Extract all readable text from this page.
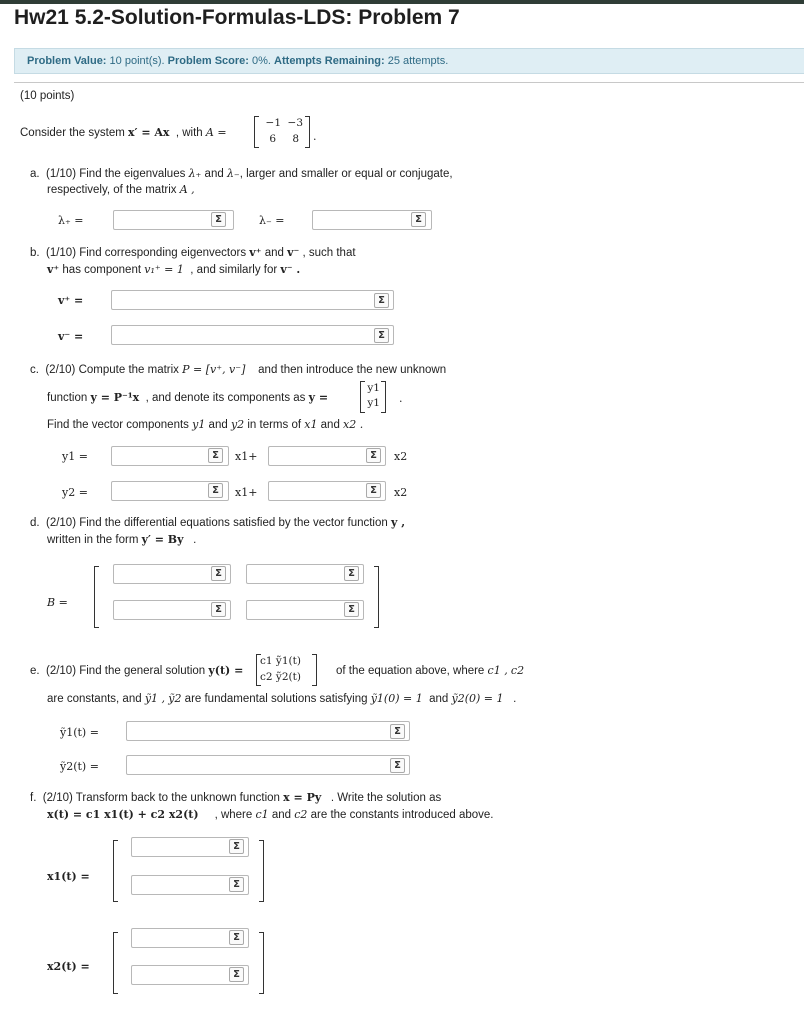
Hw21 5.2-Solution-Formulas-LDS: Problem 7
Problem Value: 10 point(s). Problem Score: 0%. Attempts Remaining: 25 attempts.
(10 points)
Consider the system x′ = Ax , with A =
−1 −3
6	8 .
a. (1/10) Find the eigenvalues λ₊ and λ₋, larger and smaller or equal or conjugate,
respectively, of the matrix A ,
λ₊ =	Σ	λ₋ =	Σ
b. (1/10) Find corresponding eigenvectors v⁺ and v⁻ , such that
v⁺ has component v₁⁺ = 1 , and similarly for v⁻ .
v⁺ =	Σ
v⁻ =	Σ
c. (2/10) Compute the matrix P = [v⁺, v⁻] and then introduce the new unknown
function y = P⁻¹x , and denote its components as y =
y1
y1 .
Find the vector components y1 and y2 in terms of x1 and x2 .
y1 =	Σ	x1+	Σ	x2
y2 =	Σ	x1+	Σ	x2
d. (2/10) Find the differential equations satisfied by the vector function y ,
written in the form y′ = By .
B =
Σ	Σ
Σ	Σ
e. (2/10) Find the general solution y(t) =
c1 ỹ1(t)
c2 ỹ2(t)	of the equation above, where c1 , c2
are constants, and ỹ1 , ỹ2 are fundamental solutions satisfying ỹ1(0) = 1 and ỹ2(0) = 1 .
ỹ1(t) =	Σ
ỹ2(t) =	Σ
f. (2/10) Transform back to the unknown function x = Py . Write the solution as
x(t) = c1 x1(t) + c2 x2(t) , where c1 and c2 are the constants introduced above.
x1(t) =
Σ
Σ
x2(t) =
Σ
Σ
